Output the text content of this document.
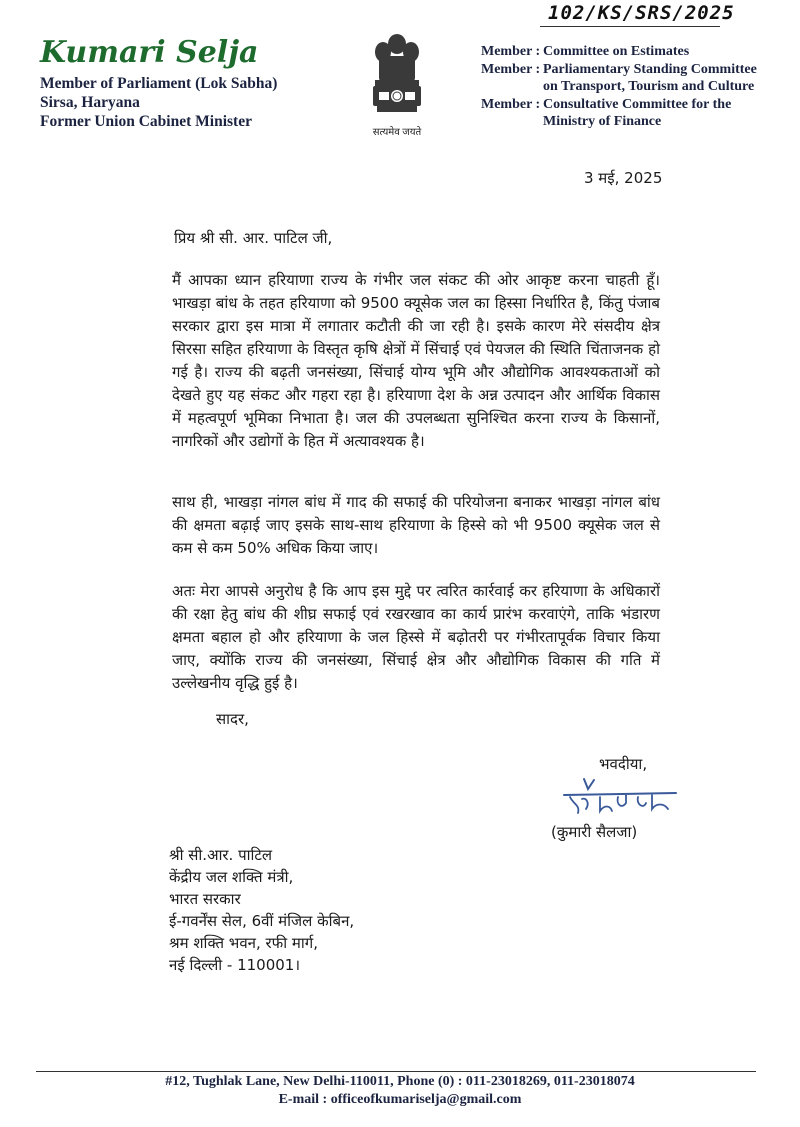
102/KS/SRS/2025
Kumari Selja
Member of Parliament (Lok Sabha)
Sirsa, Haryana
Former Union Cabinet Minister
सत्यमेव जयते
Member : Committee on Estimates
Member : Parliamentary Standing Committee
on Transport, Tourism and Culture
Member : Consultative Committee for the
Ministry of Finance
3 मई, 2025
प्रिय श्री सी. आर. पाटिल जी,
मैं आपका ध्यान हरियाणा राज्य के गंभीर जल संकट की ओर आकृष्ट करना चाहती हूँ। भाखड़ा बांध के तहत हरियाणा को 9500 क्यूसेक जल का हिस्सा निर्धारित है, किंतु पंजाब सरकार द्वारा इस मात्रा में लगातार कटौती की जा रही है। इसके कारण मेरे संसदीय क्षेत्र सिरसा सहित हरियाणा के विस्तृत कृषि क्षेत्रों में सिंचाई एवं पेयजल की स्थिति चिंताजनक हो गई है। राज्य की बढ़ती जनसंख्या, सिंचाई योग्य भूमि और औद्योगिक आवश्यकताओं को देखते हुए यह संकट और गहरा रहा है। हरियाणा देश के अन्न उत्पादन और आर्थिक विकास में महत्वपूर्ण भूमिका निभाता है। जल की उपलब्धता सुनिश्चित करना राज्य के किसानों, नागरिकों और उद्योगों के हित में अत्यावश्यक है।
साथ ही, भाखड़ा नांगल बांध में गाद की सफाई की परियोजना बनाकर भाखड़ा नांगल बांध की क्षमता बढ़ाई जाए इसके साथ-साथ हरियाणा के हिस्से को भी 9500 क्यूसेक जल से कम से कम 50% अधिक किया जाए।
अतः मेरा आपसे अनुरोध है कि आप इस मुद्दे पर त्वरित कार्रवाई कर हरियाणा के अधिकारों की रक्षा हेतु बांध की शीघ्र सफाई एवं रखरखाव का कार्य प्रारंभ करवाएंगे, ताकि भंडारण क्षमता बहाल हो और हरियाणा के जल हिस्से में बढ़ोतरी पर गंभीरतापूर्वक विचार किया जाए, क्योंकि राज्य की जनसंख्या, सिंचाई क्षेत्र और औद्योगिक विकास की गति में उल्लेखनीय वृद्धि हुई है।
सादर,
भवदीया,
(कुमारी सैलजा)
श्री सी.आर. पाटिल
केंद्रीय जल शक्ति मंत्री,
भारत सरकार
ई-गवर्नेंस सेल, 6वीं मंजिल केबिन,
श्रम शक्ति भवन, रफी मार्ग,
नई दिल्ली - 110001।
#12, Tughlak Lane, New Delhi-110011, Phone (0) : 011-23018269, 011-23018074
E-mail : officeofkumariselja@gmail.com
